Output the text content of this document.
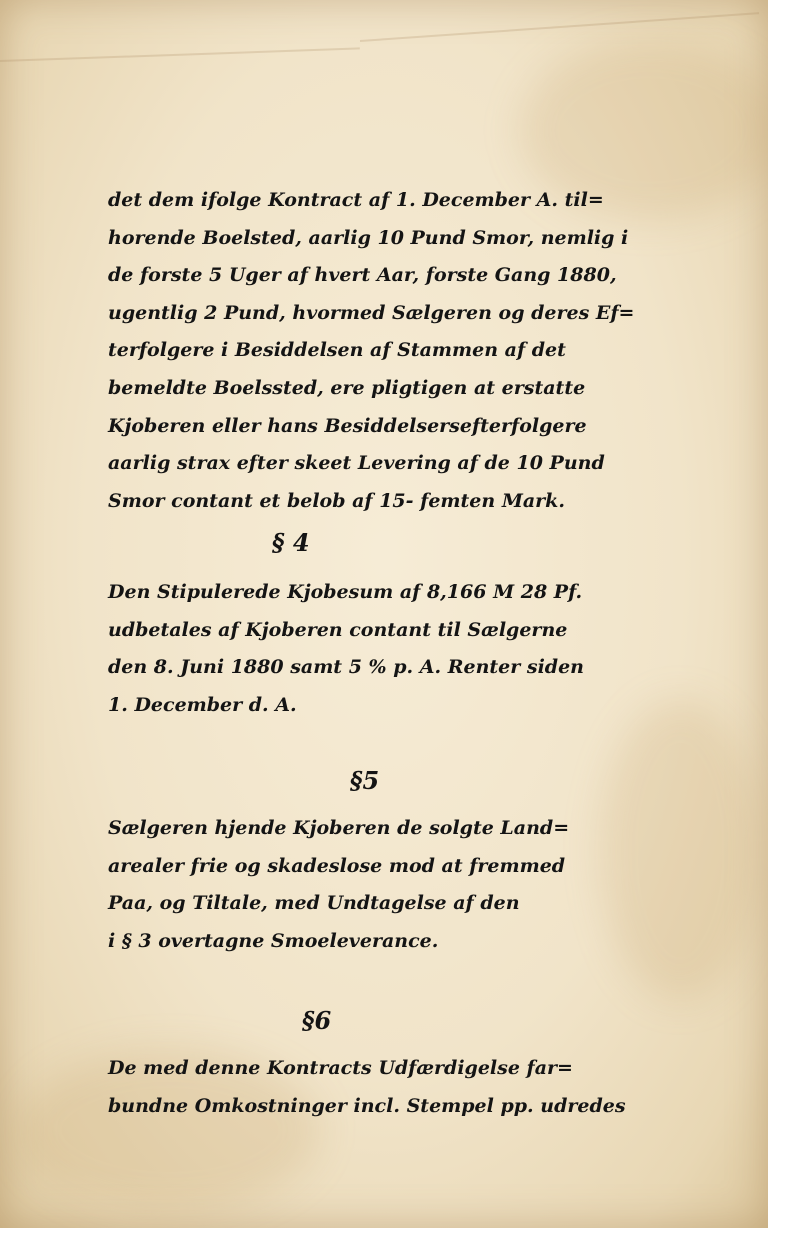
det dem ifolge Kontract af 1. December A. til=
horende Boelsted, aarlig 10 Pund Smor, nemlig i
de forste 5 Uger af hvert Aar, forste Gang 1880,
ugentlig 2 Pund, hvormed Sælgeren og deres Ef=
terfolgere i Besiddelsen af Stammen af det
bemeldte Boelssted, ere pligtigen at erstatte
Kjoberen eller hans Besiddelsersefterfolgere
aarlig strax efter skeet Levering af de 10 Pund
Smor contant et belob af 15- femten Mark.
§ 4
Den Stipulerede Kjobesum af 8,166 M 28 Pf.
udbetales af Kjoberen contant til Sælgerne
den 8. Juni 1880 samt 5 % p. A. Renter siden
1. December d. A.
§5
Sælgeren hjende Kjoberen de solgte Land=
arealer frie og skadeslose mod at fremmed
Paa, og Tiltale, med Undtagelse af den
i § 3 overtagne Smoeleverance.
§6
De med denne Kontracts Udfærdigelse far=
bundne Omkostninger incl. Stempel pp. udredes
